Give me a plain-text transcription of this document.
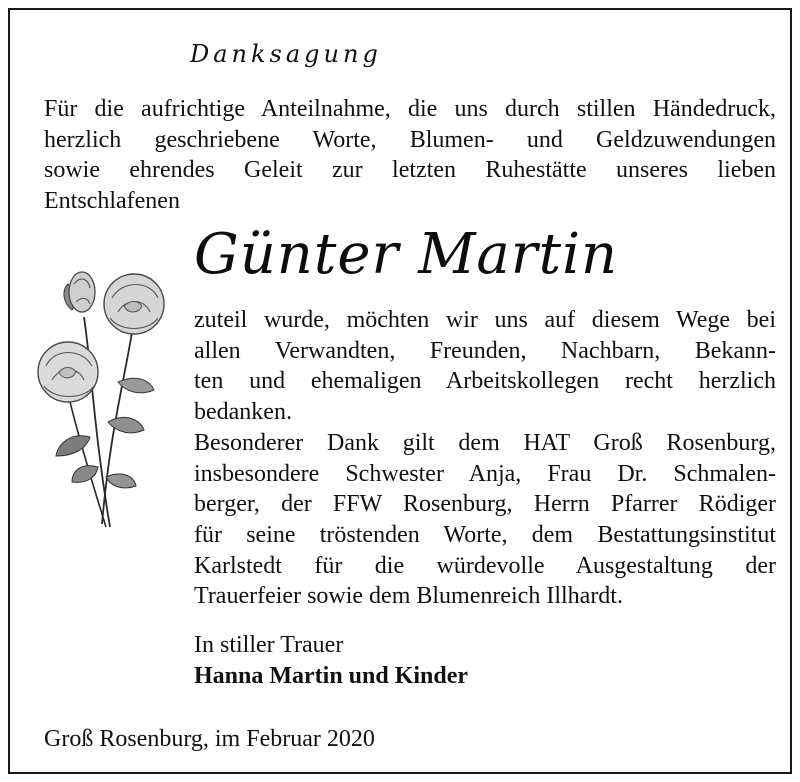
Danksagung

Für die aufrichtige Anteilnahme, die uns durch stillen Händedruck,

herzlich geschriebene Worte, Blumen- und Geldzuwendungen

sowie ehrendes Geleit zur letzten Ruhestätte unseres lieben

Entschlafenen

Günter Martin

zuteil wurde, möchten wir uns auf diesem Wege bei

allen Verwandten, Freunden, Nachbarn, Bekann-

ten und ehemaligen Arbeitskollegen recht herzlich

bedanken.

Besonderer Dank gilt dem HAT Groß Rosenburg,

insbesondere Schwester Anja, Frau Dr. Schmalen-

berger, der FFW Rosenburg, Herrn Pfarrer Rödiger

für seine tröstenden Worte, dem Bestattungsinstitut

Karlstedt für die würdevolle Ausgestaltung der

Trauerfeier sowie dem Blumenreich Illhardt.

In stiller Trauer
Hanna Martin und Kinder
Groß Rosenburg, im Februar 2020
